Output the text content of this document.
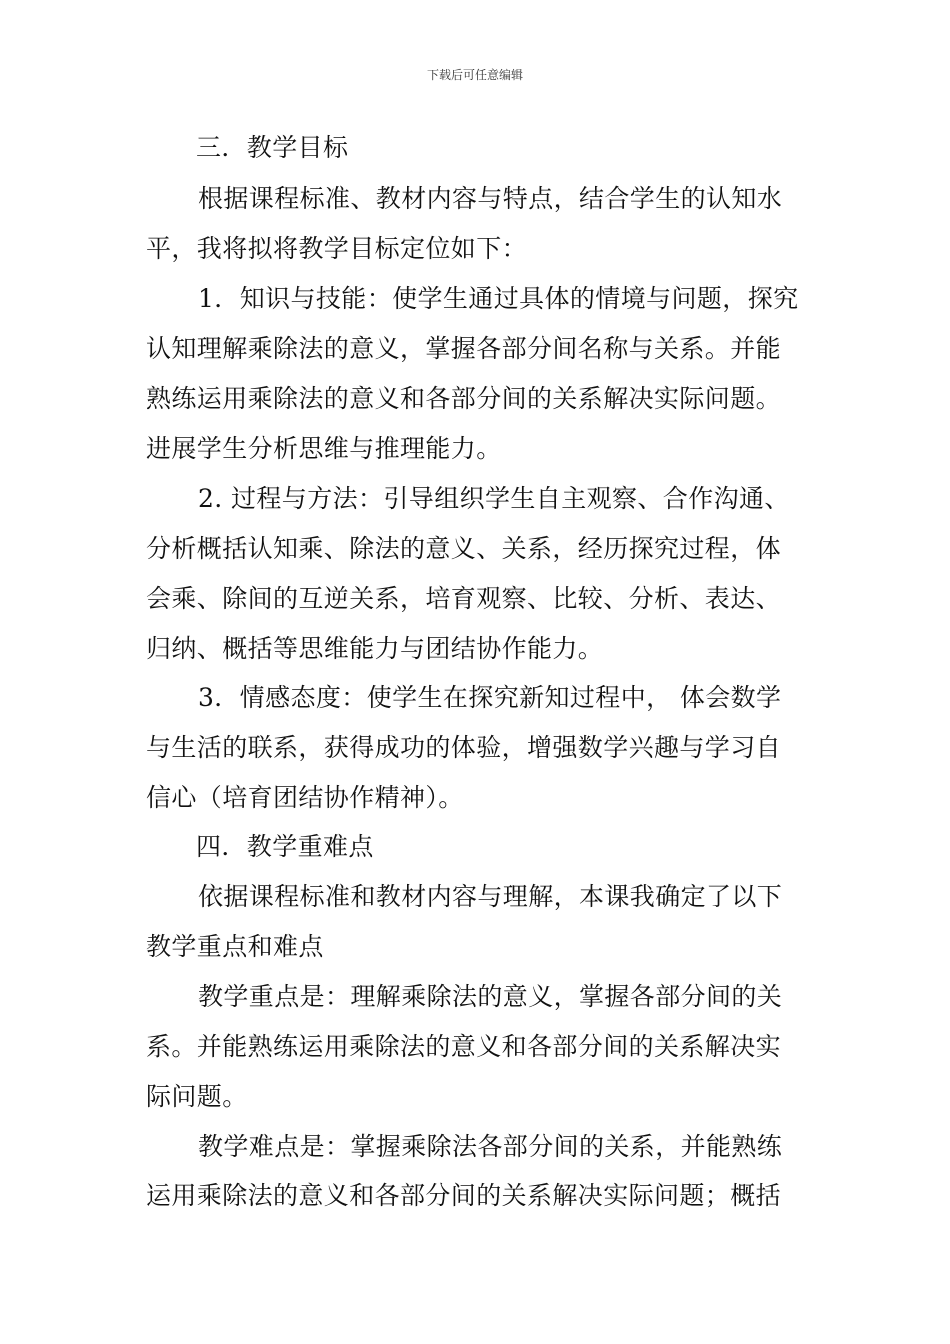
下载后可任意编辑
三．教学目标
根据课程标准、教材内容与特点，结合学生的认知水
平，我将拟将教学目标定位如下：
1．知识与技能：使学生通过具体的情境与问题，探究
认知理解乘除法的意义，掌握各部分间名称与关系。并能
熟练运用乘除法的意义和各部分间的关系解决实际问题。
进展学生分析思维与推理能力。
2. 过程与方法：引导组织学生自主观察、合作沟通、
分析概括认知乘、除法的意义、关系，经历探究过程，体
会乘、除间的互逆关系，培育观察、比较、分析、表达、
归纳、概括等思维能力与团结协作能力。
3．情感态度：使学生在探究新知过程中， 体会数学
与生活的联系，获得成功的体验，增强数学兴趣与学习自
信心（培育团结协作精神）。
四．教学重难点
依据课程标准和教材内容与理解，本课我确定了以下
教学重点和难点
教学重点是：理解乘除法的意义，掌握各部分间的关
系。并能熟练运用乘除法的意义和各部分间的关系解决实
际问题。
教学难点是：掌握乘除法各部分间的关系，并能熟练
运用乘除法的意义和各部分间的关系解决实际问题；概括
